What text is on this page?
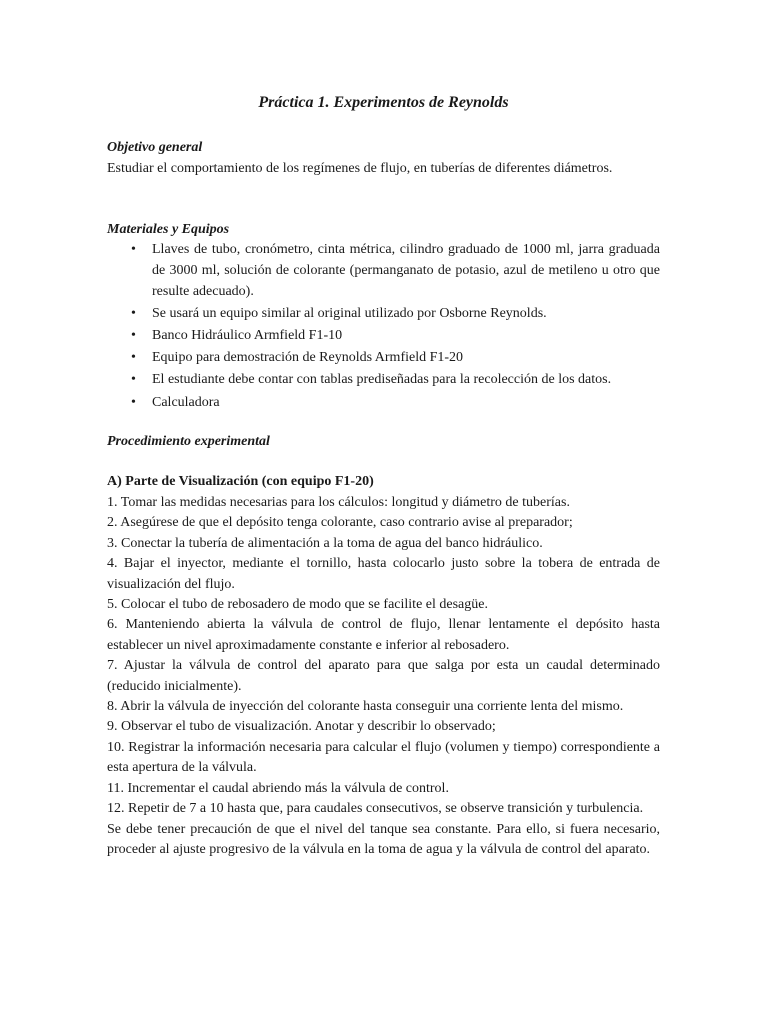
Práctica 1. Experimentos de Reynolds
Objetivo general

Estudiar el comportamiento de los regímenes de flujo, en tuberías de diferentes diámetros.

Materiales y Equipos
• Llaves de tubo, cronómetro, cinta métrica, cilindro graduado de 1000 ml, jarra graduada de 3000 ml, solución de colorante (permanganato de potasio, azul de metileno u otro que resulte adecuado).
• Se usará un equipo similar al original utilizado por Osborne Reynolds.
• Banco Hidráulico Armfield F1-10
• Equipo para demostración de Reynolds Armfield F1-20
• El estudiante debe contar con tablas prediseñadas para la recolección de los datos.
• Calculadora
Procedimiento experimental
A) Parte de Visualización (con equipo F1-20)

1. Tomar las medidas necesarias para los cálculos: longitud y diámetro de tuberías.

2. Asegúrese de que el depósito tenga colorante, caso contrario avise al preparador;

3. Conectar la tubería de alimentación a la toma de agua del banco hidráulico.

4. Bajar el inyector, mediante el tornillo, hasta colocarlo justo sobre la tobera de entrada de visualización del flujo.

5. Colocar el tubo de rebosadero de modo que se facilite el desagüe.

6. Manteniendo abierta la válvula de control de flujo, llenar lentamente el depósito hasta establecer un nivel aproximadamente constante e inferior al rebosadero.

7. Ajustar la válvula de control del aparato para que salga por esta un caudal determinado (reducido inicialmente).

8. Abrir la válvula de inyección del colorante hasta conseguir una corriente lenta del mismo.

9. Observar el tubo de visualización. Anotar y describir lo observado;

10. Registrar la información necesaria para calcular el flujo (volumen y tiempo) correspondiente a esta apertura de la válvula.

11. Incrementar el caudal abriendo más la válvula de control.

12. Repetir de 7 a 10 hasta que, para caudales consecutivos, se observe transición y turbulencia.

Se debe tener precaución de que el nivel del tanque sea constante. Para ello, si fuera necesario, proceder al ajuste progresivo de la válvula en la toma de agua y la válvula de control del aparato.
